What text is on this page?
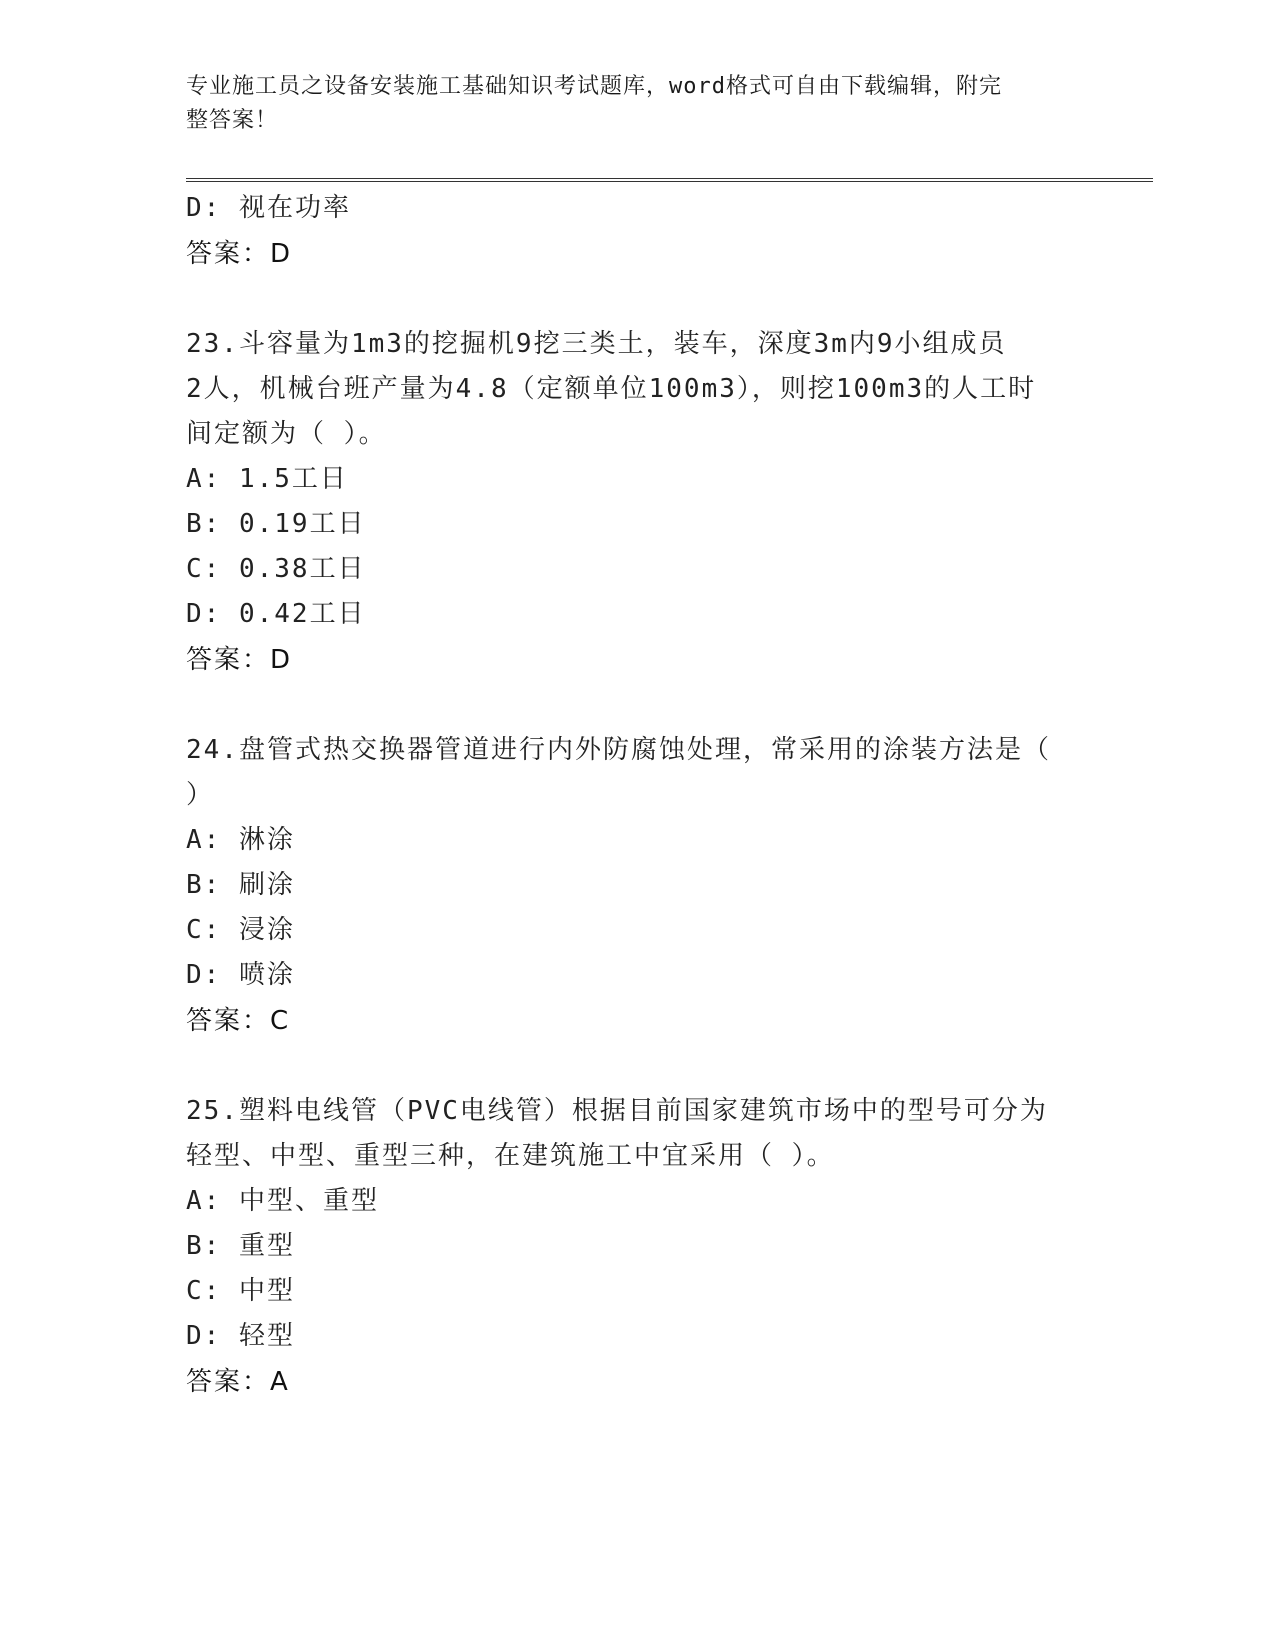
专业施工员之设备安装施工基础知识考试题库，word格式可自由下载编辑，附完
整答案！
D: 视在功率
答案：D
23.斗容量为1m3的挖掘机9挖三类土，装车，深度3m内9小组成员
2人，机械台班产量为4.8（定额单位100m3），则挖100m3的人工时
间定额为（ ）。
A: 1.5工日
B: 0.19工日
C: 0.38工日
D: 0.42工日
答案：D
24.盘管式热交换器管道进行内外防腐蚀处理，常采用的涂装方法是（
）
A: 淋涂
B: 刷涂
C: 浸涂
D: 喷涂
答案：C
25.塑料电线管（PVC电线管）根据目前国家建筑市场中的型号可分为
轻型、中型、重型三种，在建筑施工中宜采用（ ）。
A: 中型、重型
B: 重型
C: 中型
D: 轻型
答案：A
